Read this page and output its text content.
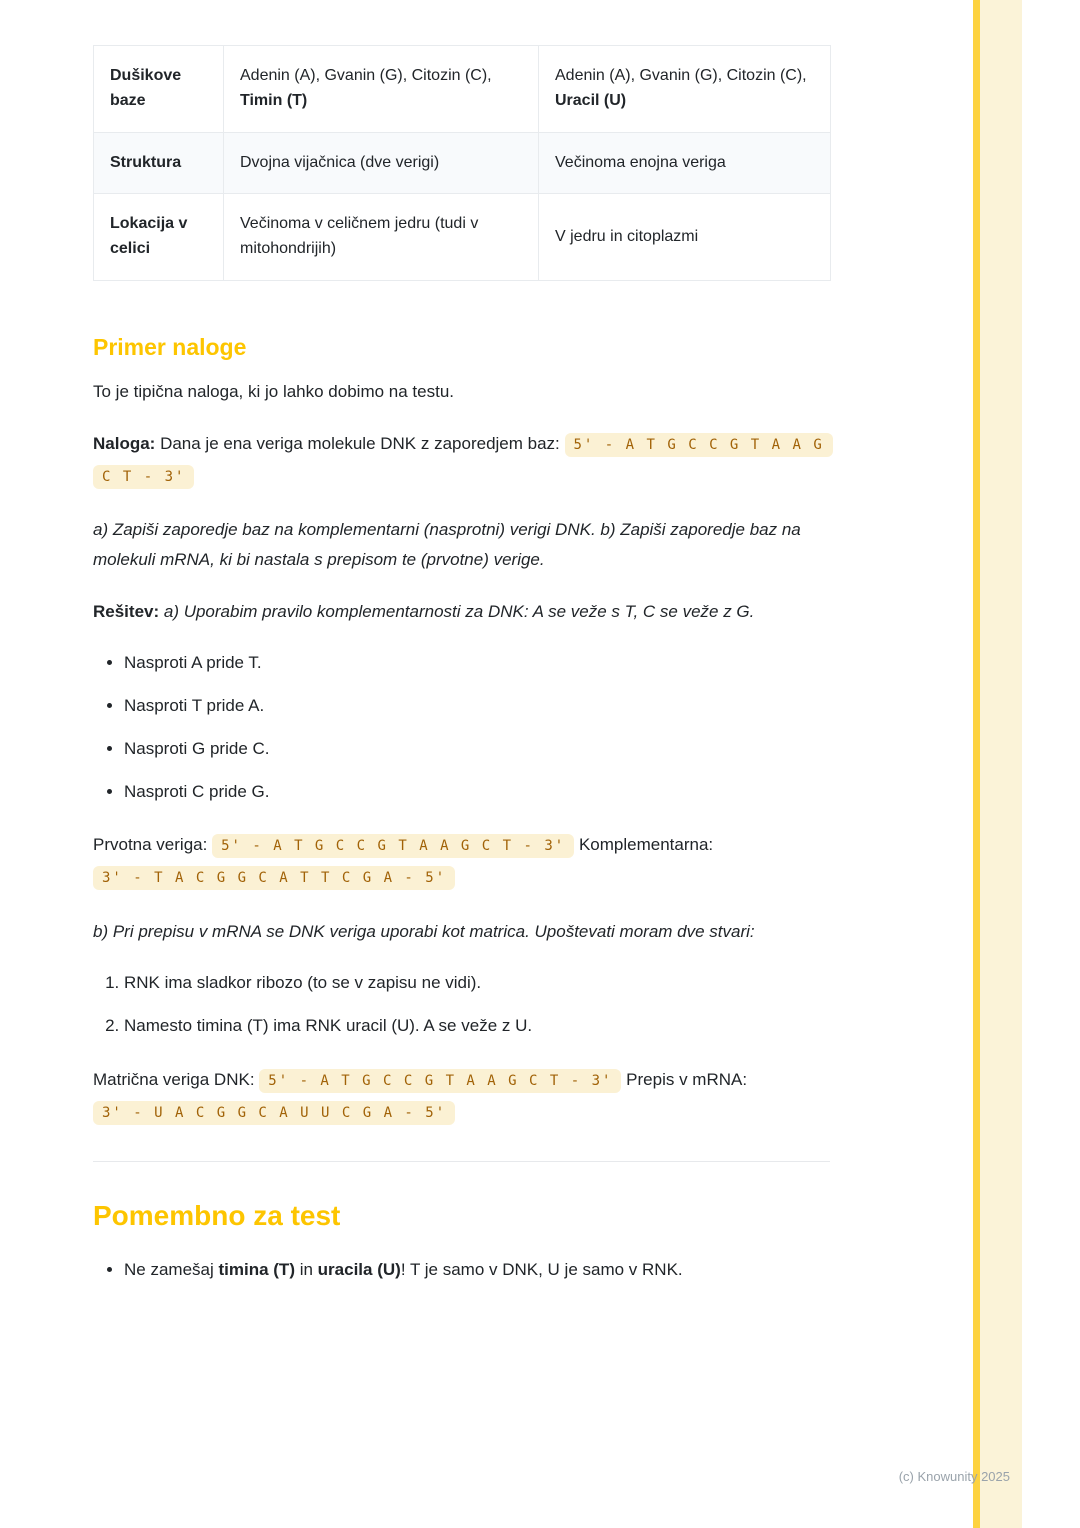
Dušikove baze	Adenin (A), Gvanin (G), Citozin (C), Timin (T)	Adenin (A), Gvanin (G), Citozin (C), Uracil (U)
Struktura	Dvojna vijačnica (dve verigi)	Večinoma enojna veriga
Lokacija v celici	Večinoma v celičnem jedru (tudi v mitohondrijih)	V jedru in citoplazmi
Primer naloge

To je tipična naloga, ki jo lahko dobimo na testu.

Naloga: Dana je ena veriga molekule DNK z zaporedjem baz: 5' - A T G C C G T A A G C T - 3'

a) Zapiši zaporedje baz na komplementarni (nasprotni) verigi DNK. b) Zapiši zaporedje baz na molekuli mRNA, ki bi nastala s prepisom te (prvotne) verige.

Rešitev: a) Uporabim pravilo komplementarnosti za DNK: A se veže s T, C se veže z G.

• Nasproti A pride T.
• Nasproti T pride A.
• Nasproti G pride C.
• Nasproti C pride G.

Prvotna veriga: 5' - A T G C C G T A A G C T - 3' Komplementarna: 3' - T A C G G C A T T C G A - 5'

b) Pri prepisu v mRNA se DNK veriga uporabi kot matrica. Upoštevati moram dve stvari:

1. RNK ima sladkor ribozo (to se v zapisu ne vidi).
2. Namesto timina (T) ima RNK uracil (U). A se veže z U.

Matrična veriga DNK: 5' - A T G C C G T A A G C T - 3' Prepis v mRNA: 3' - U A C G G C A U U C G A - 5'

Pomembno za test
• Ne zamešaj timina (T) in uracila (U)! T je samo v DNK, U je samo v RNK.
(c) Knowunity 2025
